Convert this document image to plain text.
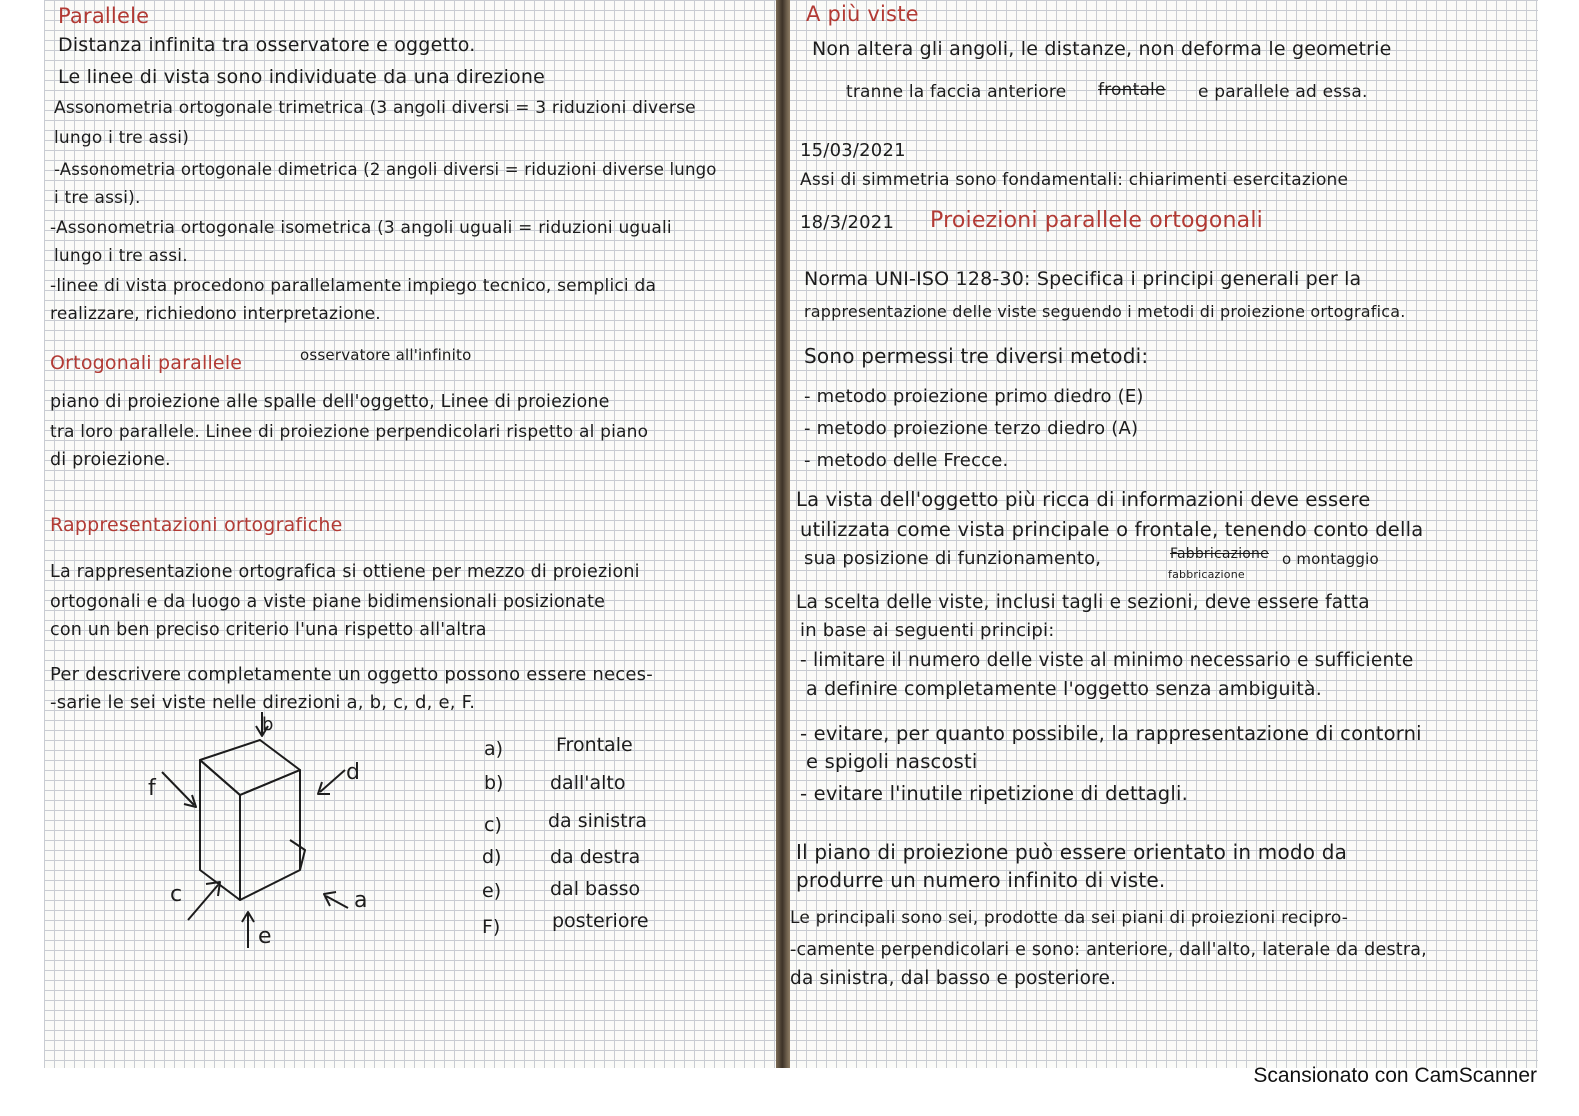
Parallele
Distanza infinita tra osservatore e oggetto.
Le linee di vista sono individuate da una direzione
Assonometria ortogonale trimetrica (3 angoli diversi = 3 riduzioni diverse
lungo i tre assi)
-Assonometria ortogonale dimetrica (2 angoli diversi = riduzioni diverse lungo
i tre assi).
-Assonometria ortogonale isometrica (3 angoli uguali = riduzioni uguali
lungo i tre assi.
-linee di vista procedono parallelamente impiego tecnico, semplici da
realizzare, richiedono interpretazione.
Ortogonali parallele	osservatore all'infinito
piano di proiezione alle spalle dell'oggetto, Linee di proiezione
tra loro parallele. Linee di proiezione perpendicolari rispetto al piano
di proiezione.
Rappresentazioni ortografiche
La rappresentazione ortografica si ottiene per mezzo di proiezioni
ortogonali e da luogo a viste piane bidimensionali posizionate
con un ben preciso criterio l'una rispetto all'altra
Per descrivere completamente un oggetto possono essere neces-
-sarie le sei viste nelle direzioni a, b, c, d, e, F.
b
f
d
c	a
e
a)	Frontale
b) dall'alto
c) da sinistra
d)	da destra
e)	dal basso
F)	posteriore
A più viste
Non altera gli angoli, le distanze, non deforma le geometrie
tranne la faccia anteriore frontale e parallele ad essa.
15/03/2021
Assi di simmetria sono fondamentali: chiarimenti esercitazione
18/3/2021 Proiezioni parallele ortogonali
Norma UNI-ISO 128-30: Specifica i principi generali per la
rappresentazione delle viste seguendo i metodi di proiezione ortografica.
Sono permessi tre diversi metodi:
- metodo proiezione primo diedro (E)
- metodo proiezione terzo diedro (A)
- metodo delle Frecce.
La vista dell'oggetto più ricca di informazioni deve essere
utilizzata come vista principale o frontale, tenendo conto della
sua posizione di funzionamento,	Fabbricazione
fabbricazione
o montaggio
La scelta delle viste, inclusi tagli e sezioni, deve essere fatta
in base ai seguenti principi:
- limitare il numero delle viste al minimo necessario e sufficiente
a definire completamente l'oggetto senza ambiguità.
- evitare, per quanto possibile, la rappresentazione di contorni
e spigoli nascosti
- evitare l'inutile ripetizione di dettagli.
Il piano di proiezione può essere orientato in modo da
produrre un numero infinito di viste.
Le principali sono sei, prodotte da sei piani di proiezioni recipro-
-camente perpendicolari e sono: anteriore, dall'alto, laterale da destra,
da sinistra, dal basso e posteriore.
Scansionato con CamScanner
